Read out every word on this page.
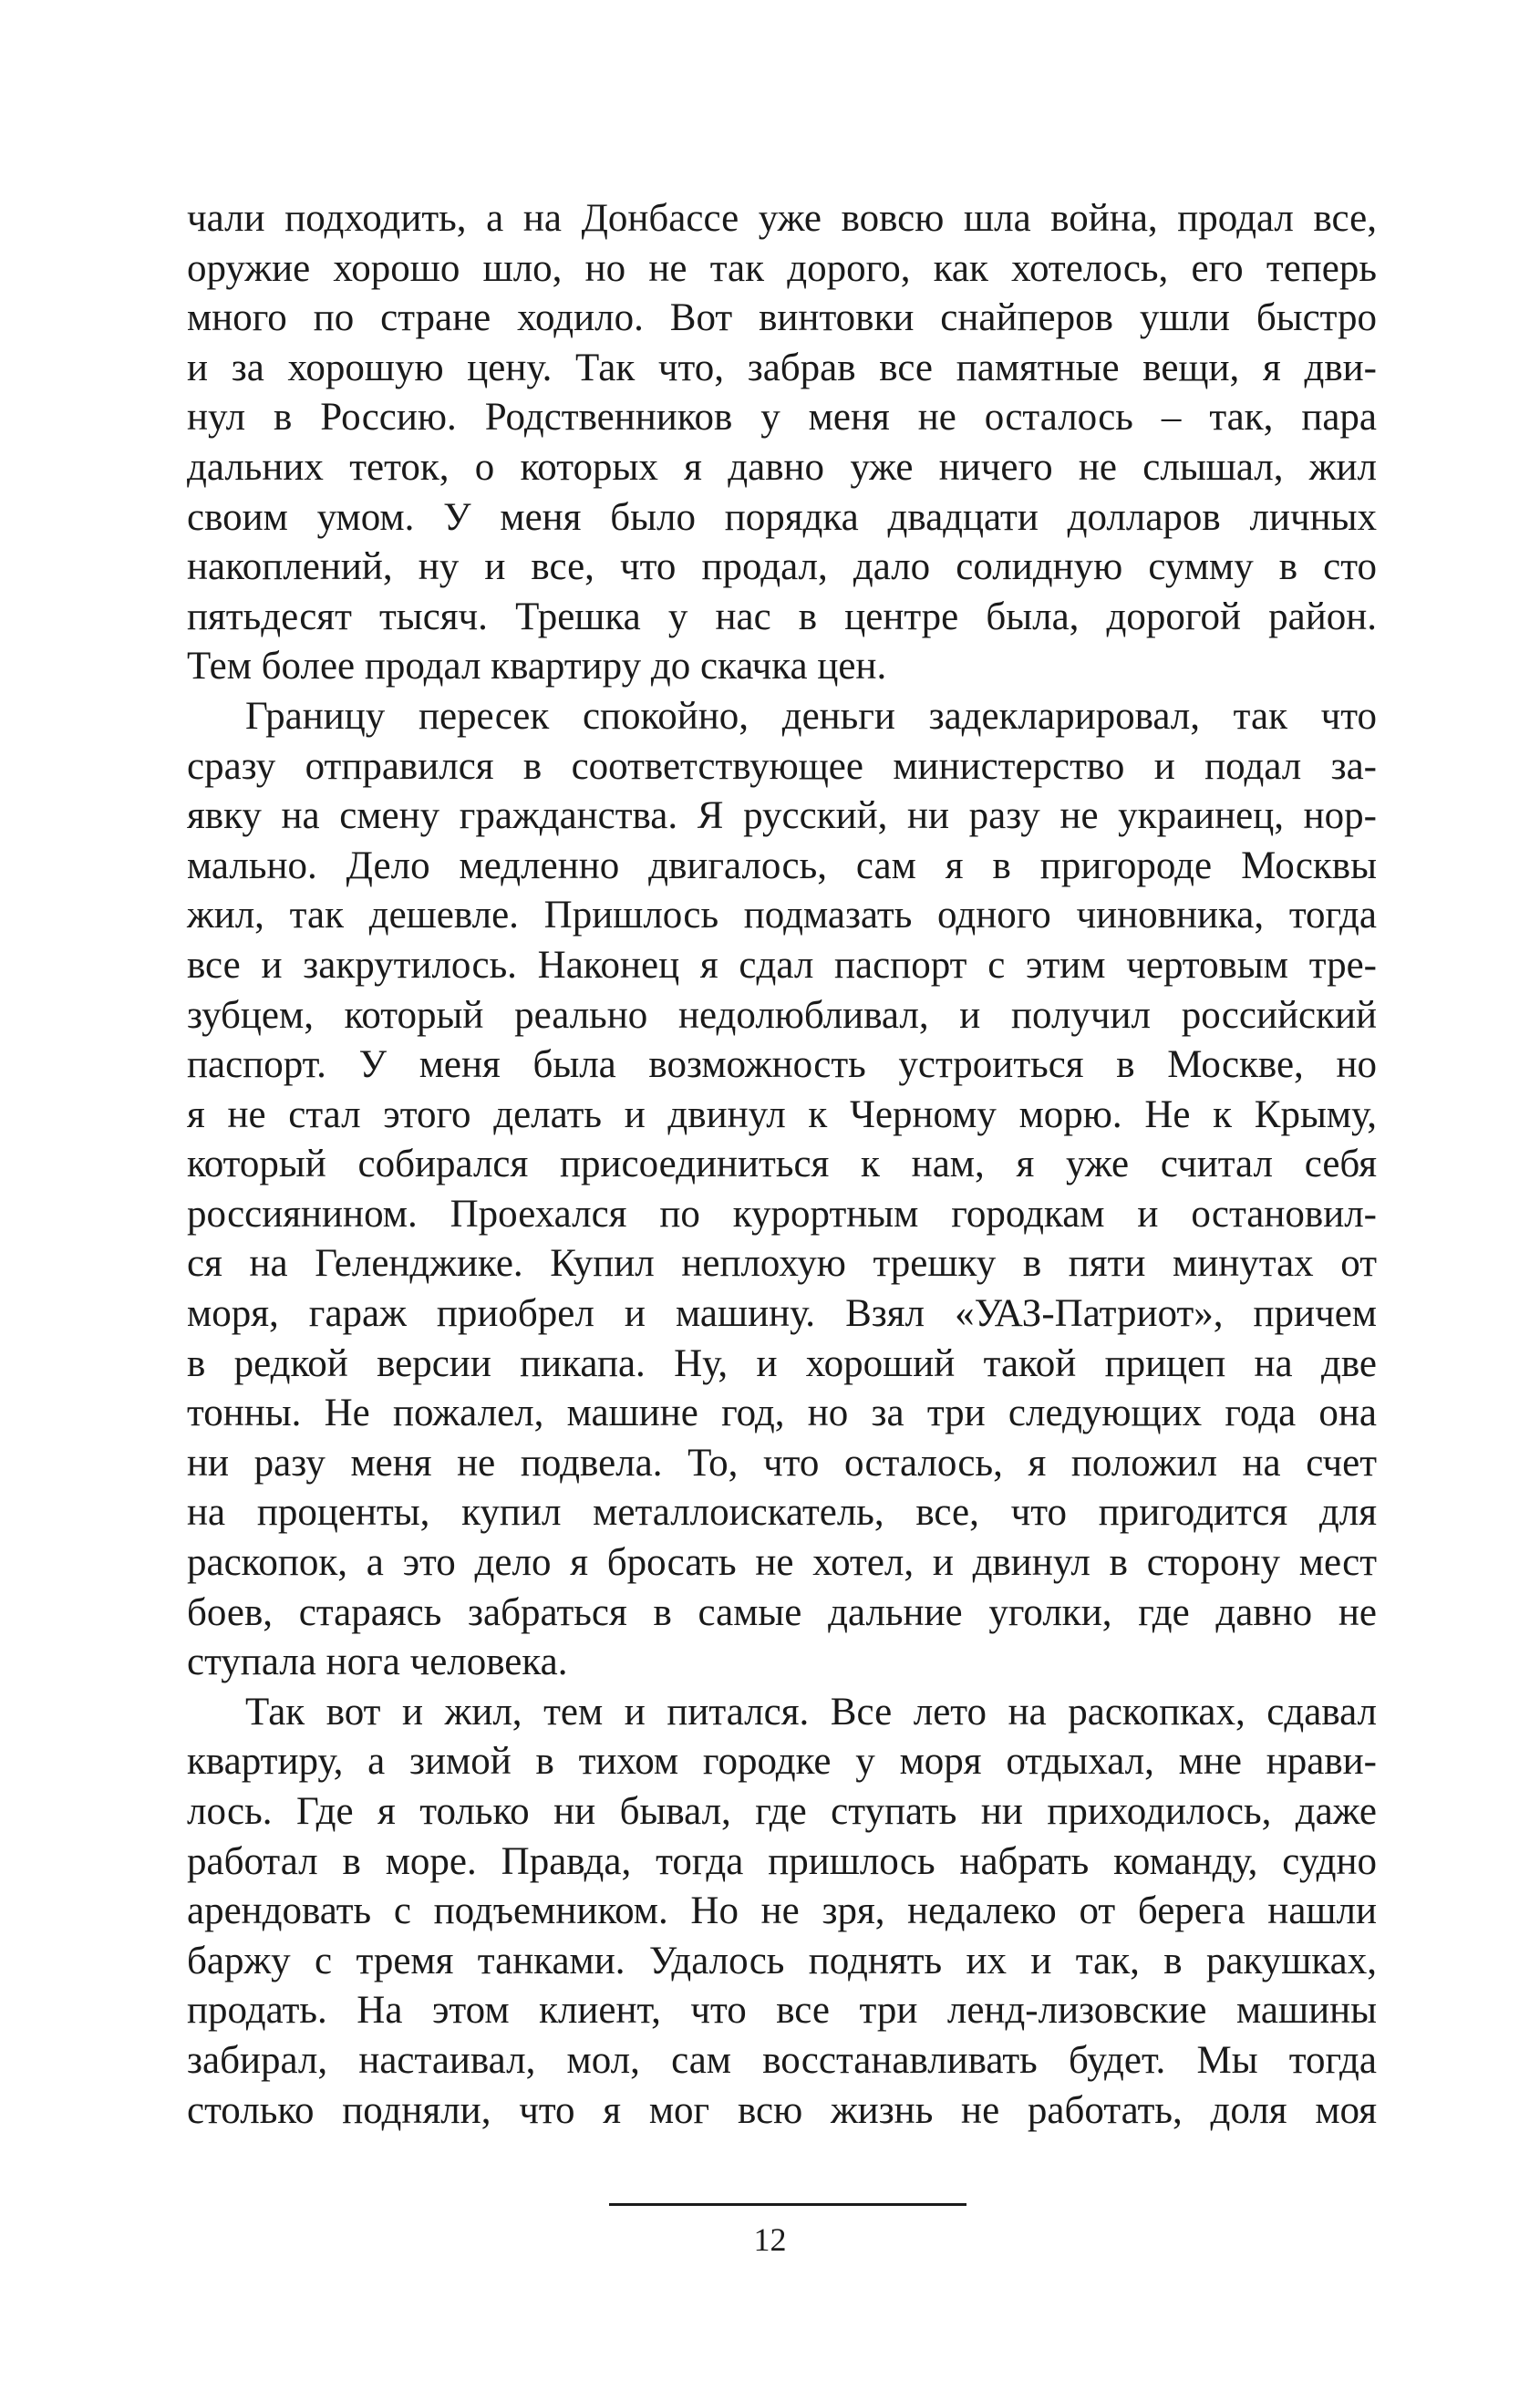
чали подходить, а на Донбассе уже вовсю шла война, продал все,
оружие хорошо шло, но не так дорого, как хотелось, его теперь
много по стране ходило. Вот винтовки снайперов ушли быстро
и за хорошую цену. Так что, забрав все памятные вещи, я дви-
нул в Россию. Родственников у меня не осталось – так, пара
дальних теток, о которых я давно уже ничего не слышал, жил
своим умом. У меня было порядка двадцати долларов личных
накоплений, ну и все, что продал, дало солидную сумму в сто
пятьдесят тысяч. Трешка у нас в центре была, дорогой район.
Тем более продал квартиру до скачка цен.
Границу пересек спокойно, деньги задекларировал, так что
сразу отправился в соответствующее министерство и подал за-
явку на смену гражданства. Я русский, ни разу не украинец, нор-
мально. Дело медленно двигалось, сам я в пригороде Москвы
жил, так дешевле. Пришлось подмазать одного чиновника, тогда
все и закрутилось. Наконец я сдал паспорт с этим чертовым тре-
зубцем, который реально недолюбливал, и получил российский
паспорт. У меня была возможность устроиться в Москве, но
я не стал этого делать и двинул к Черному морю. Не к Крыму,
который собирался присоединиться к нам, я уже считал себя
россиянином. Проехался по курортным городкам и остановил-
ся на Геленджике. Купил неплохую трешку в пяти минутах от
моря, гараж приобрел и машину. Взял «УАЗ-Патриот», причем
в редкой версии пикапа. Ну, и хороший такой прицеп на две
тонны. Не пожалел, машине год, но за три следующих года она
ни разу меня не подвела. То, что осталось, я положил на счет
на проценты, купил металлоискатель, все, что пригодится для
раскопок, а это дело я бросать не хотел, и двинул в сторону мест
боев, стараясь забраться в самые дальние уголки, где давно не
ступала нога человека.
Так вот и жил, тем и питался. Все лето на раскопках, сдавал
квартиру, а зимой в тихом городке у моря отдыхал, мне нрави-
лось. Где я только ни бывал, где ступать ни приходилось, даже
работал в море. Правда, тогда пришлось набрать команду, судно
арендовать с подъемником. Но не зря, недалеко от берега нашли
баржу с тремя танками. Удалось поднять их и так, в ракушках,
продать. На этом клиент, что все три ленд-лизовские машины
забирал, настаивал, мол, сам восстанавливать будет. Мы тогда
столько подняли, что я мог всю жизнь не работать, доля моя
12
